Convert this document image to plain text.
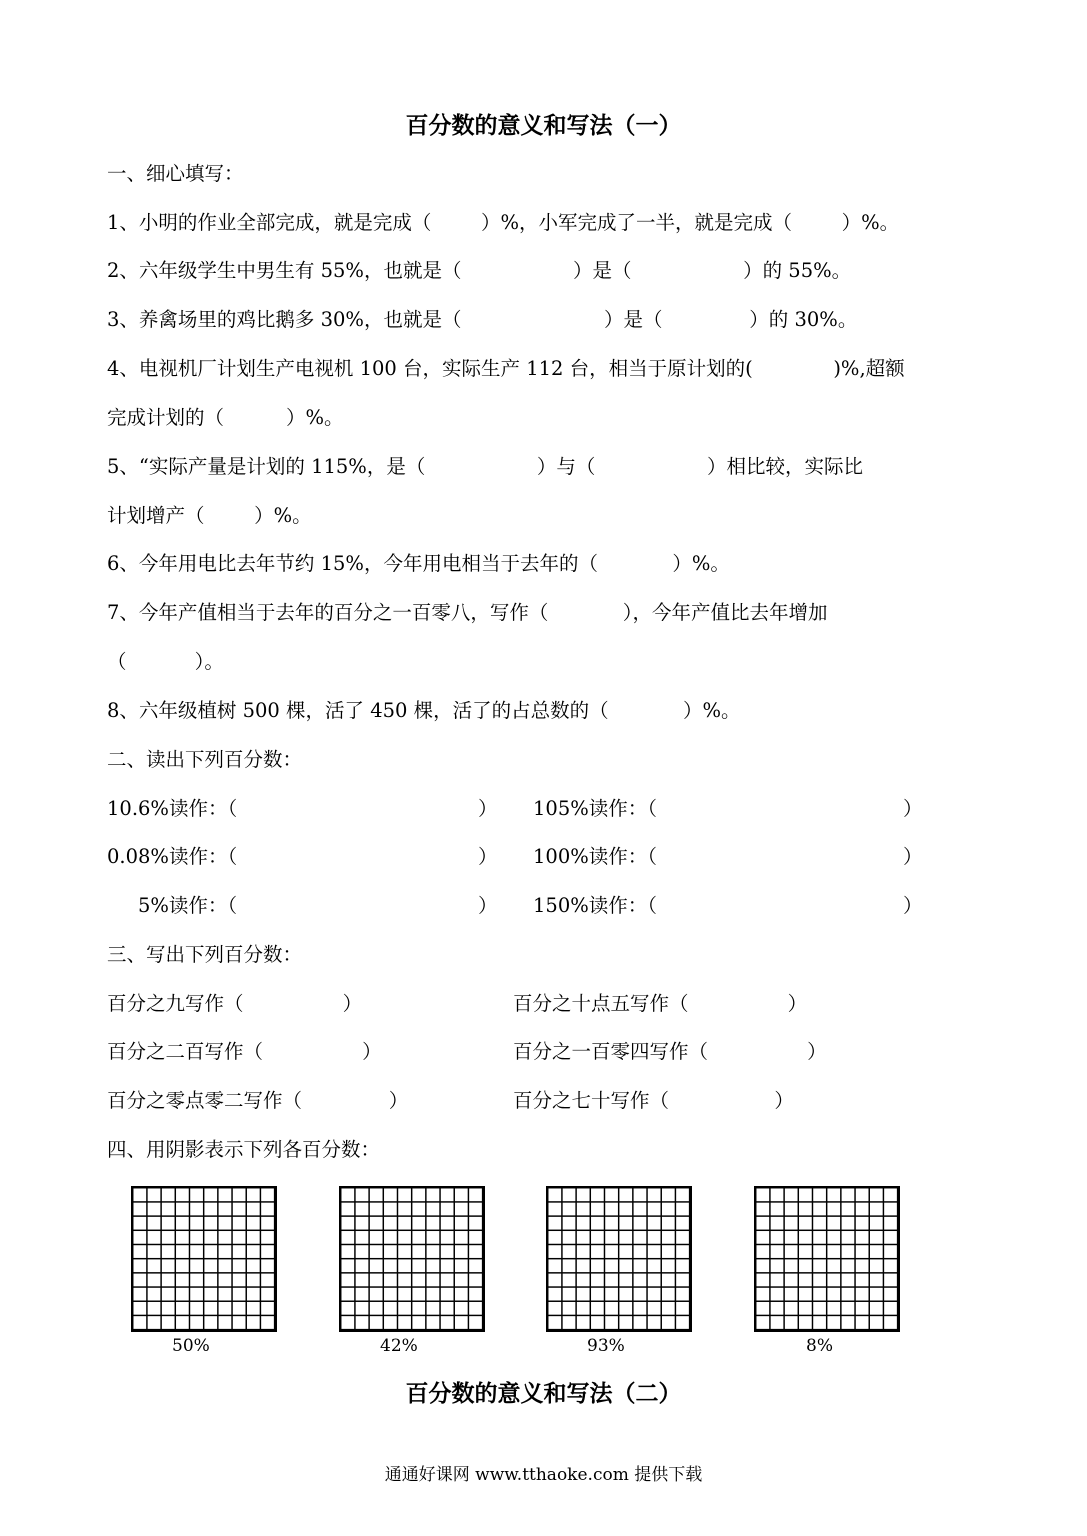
百分数的意义和写法（一）
一、细心填写：
1、小明的作业全部完成，就是完成（        ）%，小军完成了一半，就是完成（        ）%。
2、六年级学生中男生有 55%，也就是（                  ）是（                  ）的 55%。
3、养禽场里的鸡比鹅多 30%，也就是（                       ）是（              ）的 30%。
4、电视机厂计划生产电视机 100 台，实际生产 112 台，相当于原计划的(             )%,超额
完成计划的（          ）%。
5、“实际产量是计划的 115%，是（                  ）与（                  ）相比较，实际比
计划增产（        ）%。
6、今年用电比去年节约 15%，今年用电相当于去年的（            ）%。
7、今年产值相当于去年的百分之一百零八，写作（            ），今年产值比去年增加
（           ）。
8、六年级植树 500 棵，活了 450 棵，活了的占总数的（            ）%。
二、读出下列百分数：
10.6%读作：（	） 105%读作：（	）
0.08%读作：（	） 100%读作：（	）
5%读作：（	） 150%读作：（	）
三、写出下列百分数：
百分之九写作（                ）	百分之十点五写作（                ）
百分之二百写作（                ）	百分之一百零四写作（                ）
百分之零点零二写作（              ）	百分之七十写作（                 ）
四、用阴影表示下列各百分数：
50%	42%	93%	8%
百分数的意义和写法（二）
通通好课网 www.tthaoke.com 提供下载
